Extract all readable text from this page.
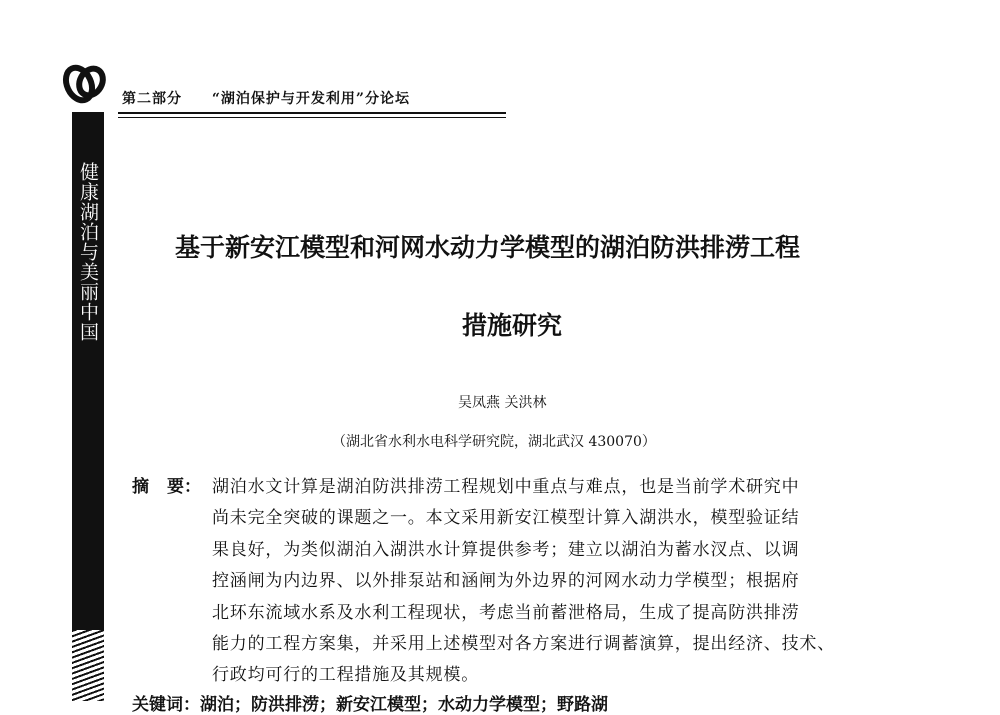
第二部分 “湖泊保护与开发利用”分论坛
健康湖泊与美丽中国	基于新安江模型和河网水动力学模型的湖泊防洪排涝工程
措施研究
吴凤燕 关洪林
（湖北省水利水电科学研究院，湖北武汉 430070）
摘 要： 湖泊水文计算是湖泊防洪排涝工程规划中重点与难点，也是当前学术研究中
尚未完全突破的课题之一。本文采用新安江模型计算入湖洪水，模型验证结
果良好，为类似湖泊入湖洪水计算提供参考；建立以湖泊为蓄水汊点、以调
控涵闸为内边界、以外排泵站和涵闸为外边界的河网水动力学模型；根据府
北环东流域水系及水利工程现状，考虑当前蓄泄格局，生成了提高防洪排涝
能力的工程方案集，并采用上述模型对各方案进行调蓄演算，提出经济、技术、
行政均可行的工程措施及其规模。
关键词：湖泊；防洪排涝；新安江模型；水动力学模型；野路湖
